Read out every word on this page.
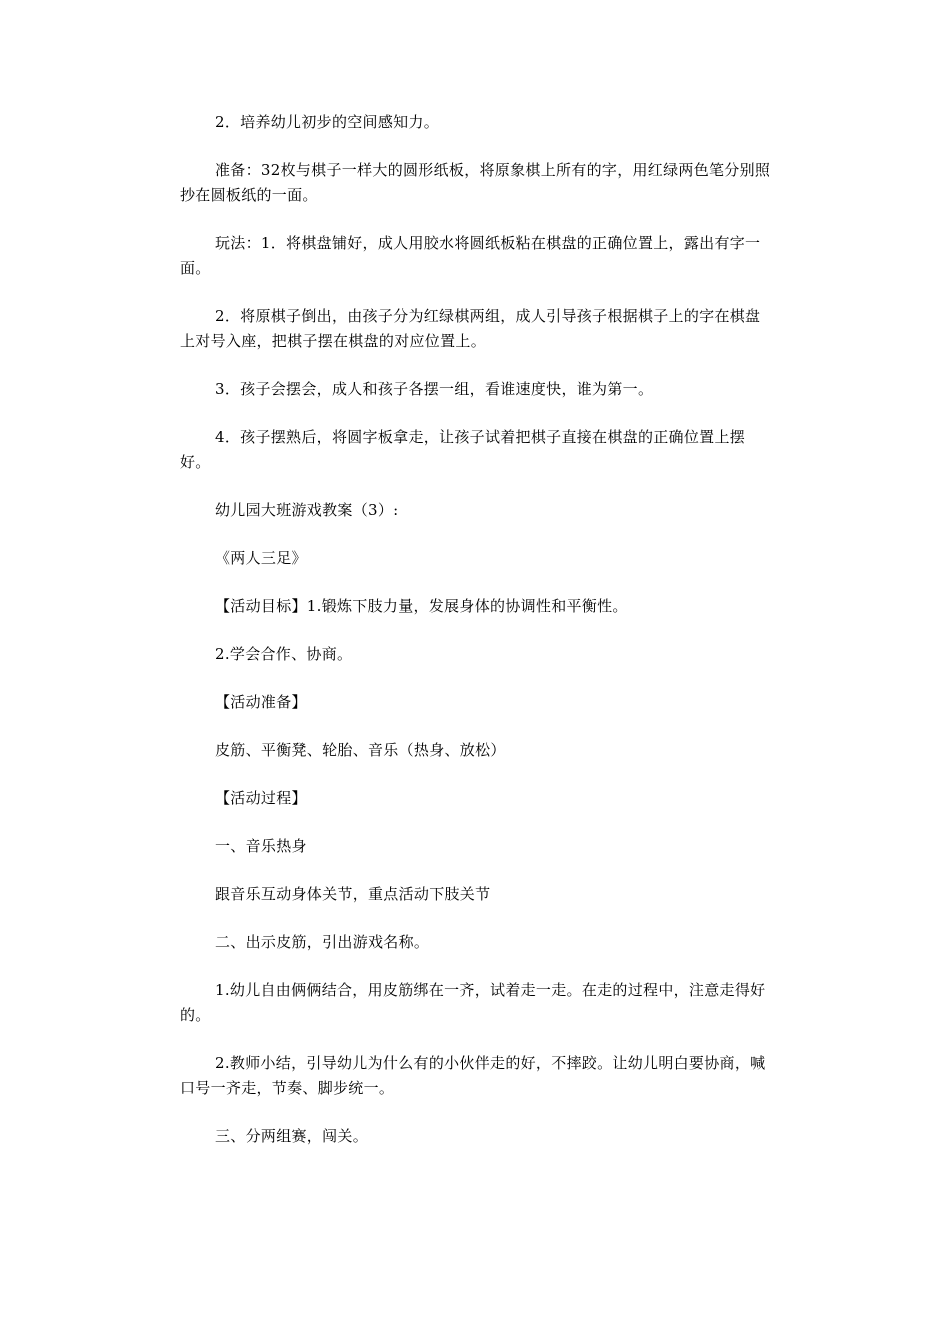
2．培养幼儿初步的空间感知力。

准备：32枚与棋子一样大的圆形纸板，将原象棋上所有的字，用红绿两色笔分别照抄在圆板纸的一面。

玩法：1．将棋盘铺好，成人用胶水将圆纸板粘在棋盘的正确位置上，露出有字一面。

2．将原棋子倒出，由孩子分为红绿棋两组，成人引导孩子根据棋子上的字在棋盘上对号入座，把棋子摆在棋盘的对应位置上。

3．孩子会摆会，成人和孩子各摆一组，看谁速度快，谁为第一。

4．孩子摆熟后，将圆字板拿走，让孩子试着把棋子直接在棋盘的正确位置上摆好。

幼儿园大班游戏教案（3）:

《两人三足》

【活动目标】1.锻炼下肢力量，发展身体的协调性和平衡性。

2.学会合作、协商。

【活动准备】

皮筋、平衡凳、轮胎、音乐（热身、放松）

【活动过程】

一、音乐热身

跟音乐互动身体关节，重点活动下肢关节

二、出示皮筋，引出游戏名称。

1.幼儿自由俩俩结合，用皮筋绑在一齐，试着走一走。在走的过程中，注意走得好的。

2.教师小结，引导幼儿为什么有的小伙伴走的好，不摔跤。让幼儿明白要协商，喊口号一齐走，节奏、脚步统一。

三、分两组赛，闯关。
